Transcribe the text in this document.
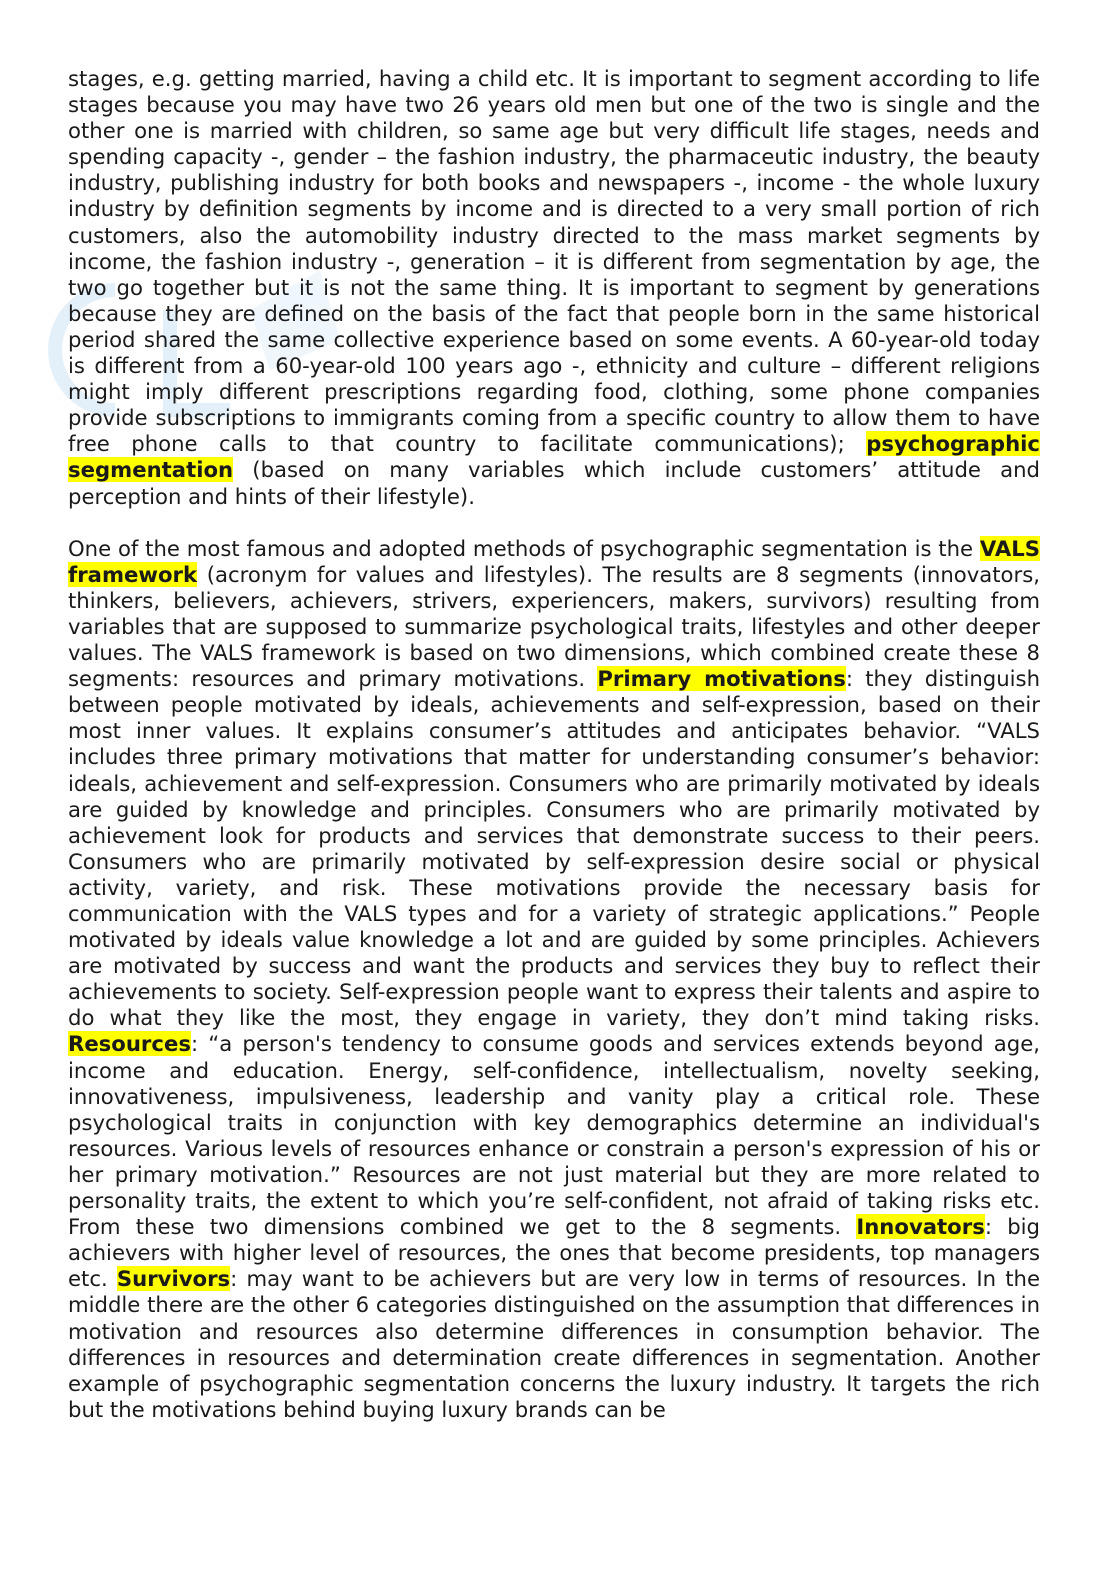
stages, e.g. getting married, having a child etc. It is important to segment according to life stages because you may have two 26 years old men but one of the two is single and the other one is married with children, so same age but very difficult life stages, needs and spending capacity -, gender – the fashion industry, the pharmaceutic industry, the beauty industry, publishing industry for both books and newspapers -, income - the whole luxury industry by definition segments by income and is directed to a very small portion of rich customers, also the automobility industry directed to the mass market segments by income, the fashion industry -, generation – it is different from segmentation by age, the two go together but it is not the same thing. It is important to segment by generations because they are defined on the basis of the fact that people born in the same historical period shared the same collective experience based on some events. A 60-year-old today is different from a 60-year-old 100 years ago -, ethnicity and culture – different religions might imply different prescriptions regarding food, clothing, some phone companies provide subscriptions to immigrants coming from a specific country to allow them to have free phone calls to that country to facilitate communications); psychographic segmentation (based on many variables which include customers’ attitude and perception and hints of their lifestyle).

One of the most famous and adopted methods of psychographic segmentation is the VALS framework (acronym for values and lifestyles). The results are 8 segments (innovators, thinkers, believers, achievers, strivers, experiencers, makers, survivors) resulting from variables that are supposed to summarize psychological traits, lifestyles and other deeper values. The VALS framework is based on two dimensions, which combined create these 8 segments: resources and primary motivations. Primary motivations: they distinguish between people motivated by ideals, achievements and self-expression, based on their most inner values. It explains consumer’s attitudes and anticipates behavior. “VALS includes three primary motivations that matter for understanding consumer’s behavior: ideals, achievement and self-expression. Consumers who are primarily motivated by ideals are guided by knowledge and principles. Consumers who are primarily motivated by achievement look for products and services that demonstrate success to their peers. Consumers who are primarily motivated by self-expression desire social or physical activity, variety, and risk. These motivations provide the necessary basis for communication with the VALS types and for a variety of strategic applications.” People motivated by ideals value knowledge a lot and are guided by some principles. Achievers are motivated by success and want the products and services they buy to reflect their achievements to society. Self-expression people want to express their talents and aspire to do what they like the most, they engage in variety, they don’t mind taking risks. Resources: “a person's tendency to consume goods and services extends beyond age, income and education. Energy, self-confidence, intellectualism, novelty seeking, innovativeness, impulsiveness, leadership and vanity play a critical role. These psychological traits in conjunction with key demographics determine an individual's resources. Various levels of resources enhance or constrain a person's expression of his or her primary motivation.” Resources are not just material but they are more related to personality traits, the extent to which you’re self-confident, not afraid of taking risks etc. From these two dimensions combined we get to the 8 segments. Innovators: big achievers with higher level of resources, the ones that become presidents, top managers etc. Survivors: may want to be achievers but are very low in terms of resources. In the middle there are the other 6 categories distinguished on the assumption that differences in motivation and resources also determine differences in consumption behavior. The differences in resources and determination create differences in segmentation. Another example of psychographic segmentation concerns the luxury industry. It targets the rich but the motivations behind buying luxury brands can be
